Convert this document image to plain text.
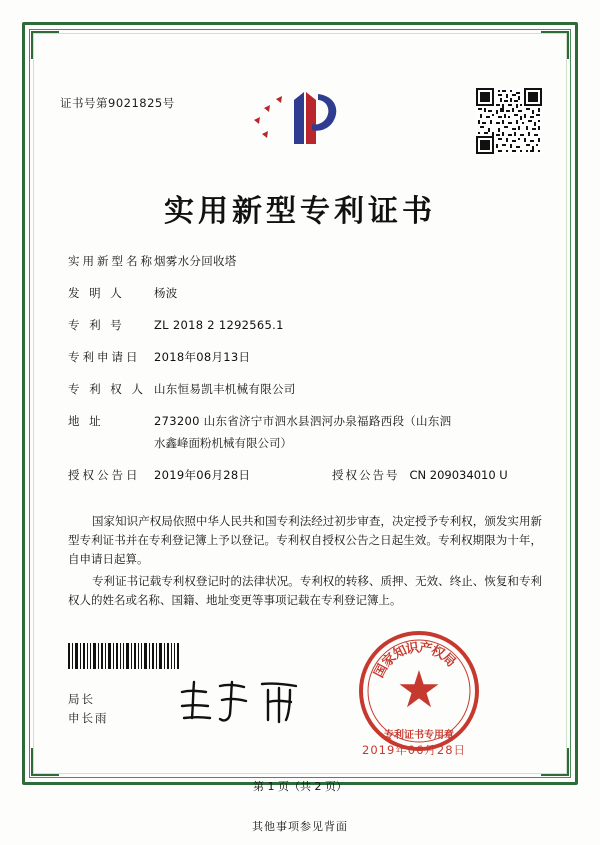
证书号第9021825号
实用新型专利证书
实用新型名称 烟雾水分回收塔
发 明 人	杨波
专 利 号	ZL 2018 2 1292565.1
专利申请日	2018年08月13日
专 利 权 人 山东恒易凯丰机械有限公司
地 址	273200 山东省济宁市泗水县泗河办泉福路西段（山东泗
水鑫峰面粉机械有限公司）
授权公告日	2019年06月28日	授权公告号 CN 209034010 U
国家知识产权局依照中华人民共和国专利法经过初步审查，决定授予专利权，颁发实用新型专利证书并在专利登记簿上予以登记。专利权自授权公告之日起生效。专利权期限为十年，自申请日起算。
专利证书记载专利权登记时的法律状况。专利权的转移、质押、无效、终止、恢复和专利权人的姓名或名称、国籍、地址变更等事项记载在专利登记簿上。
国
家
知
识
产
权
局
专利证书专用章
局长
申长雨
2019年06月28日
第 1 页（共 2 页）
其他事项参见背面
